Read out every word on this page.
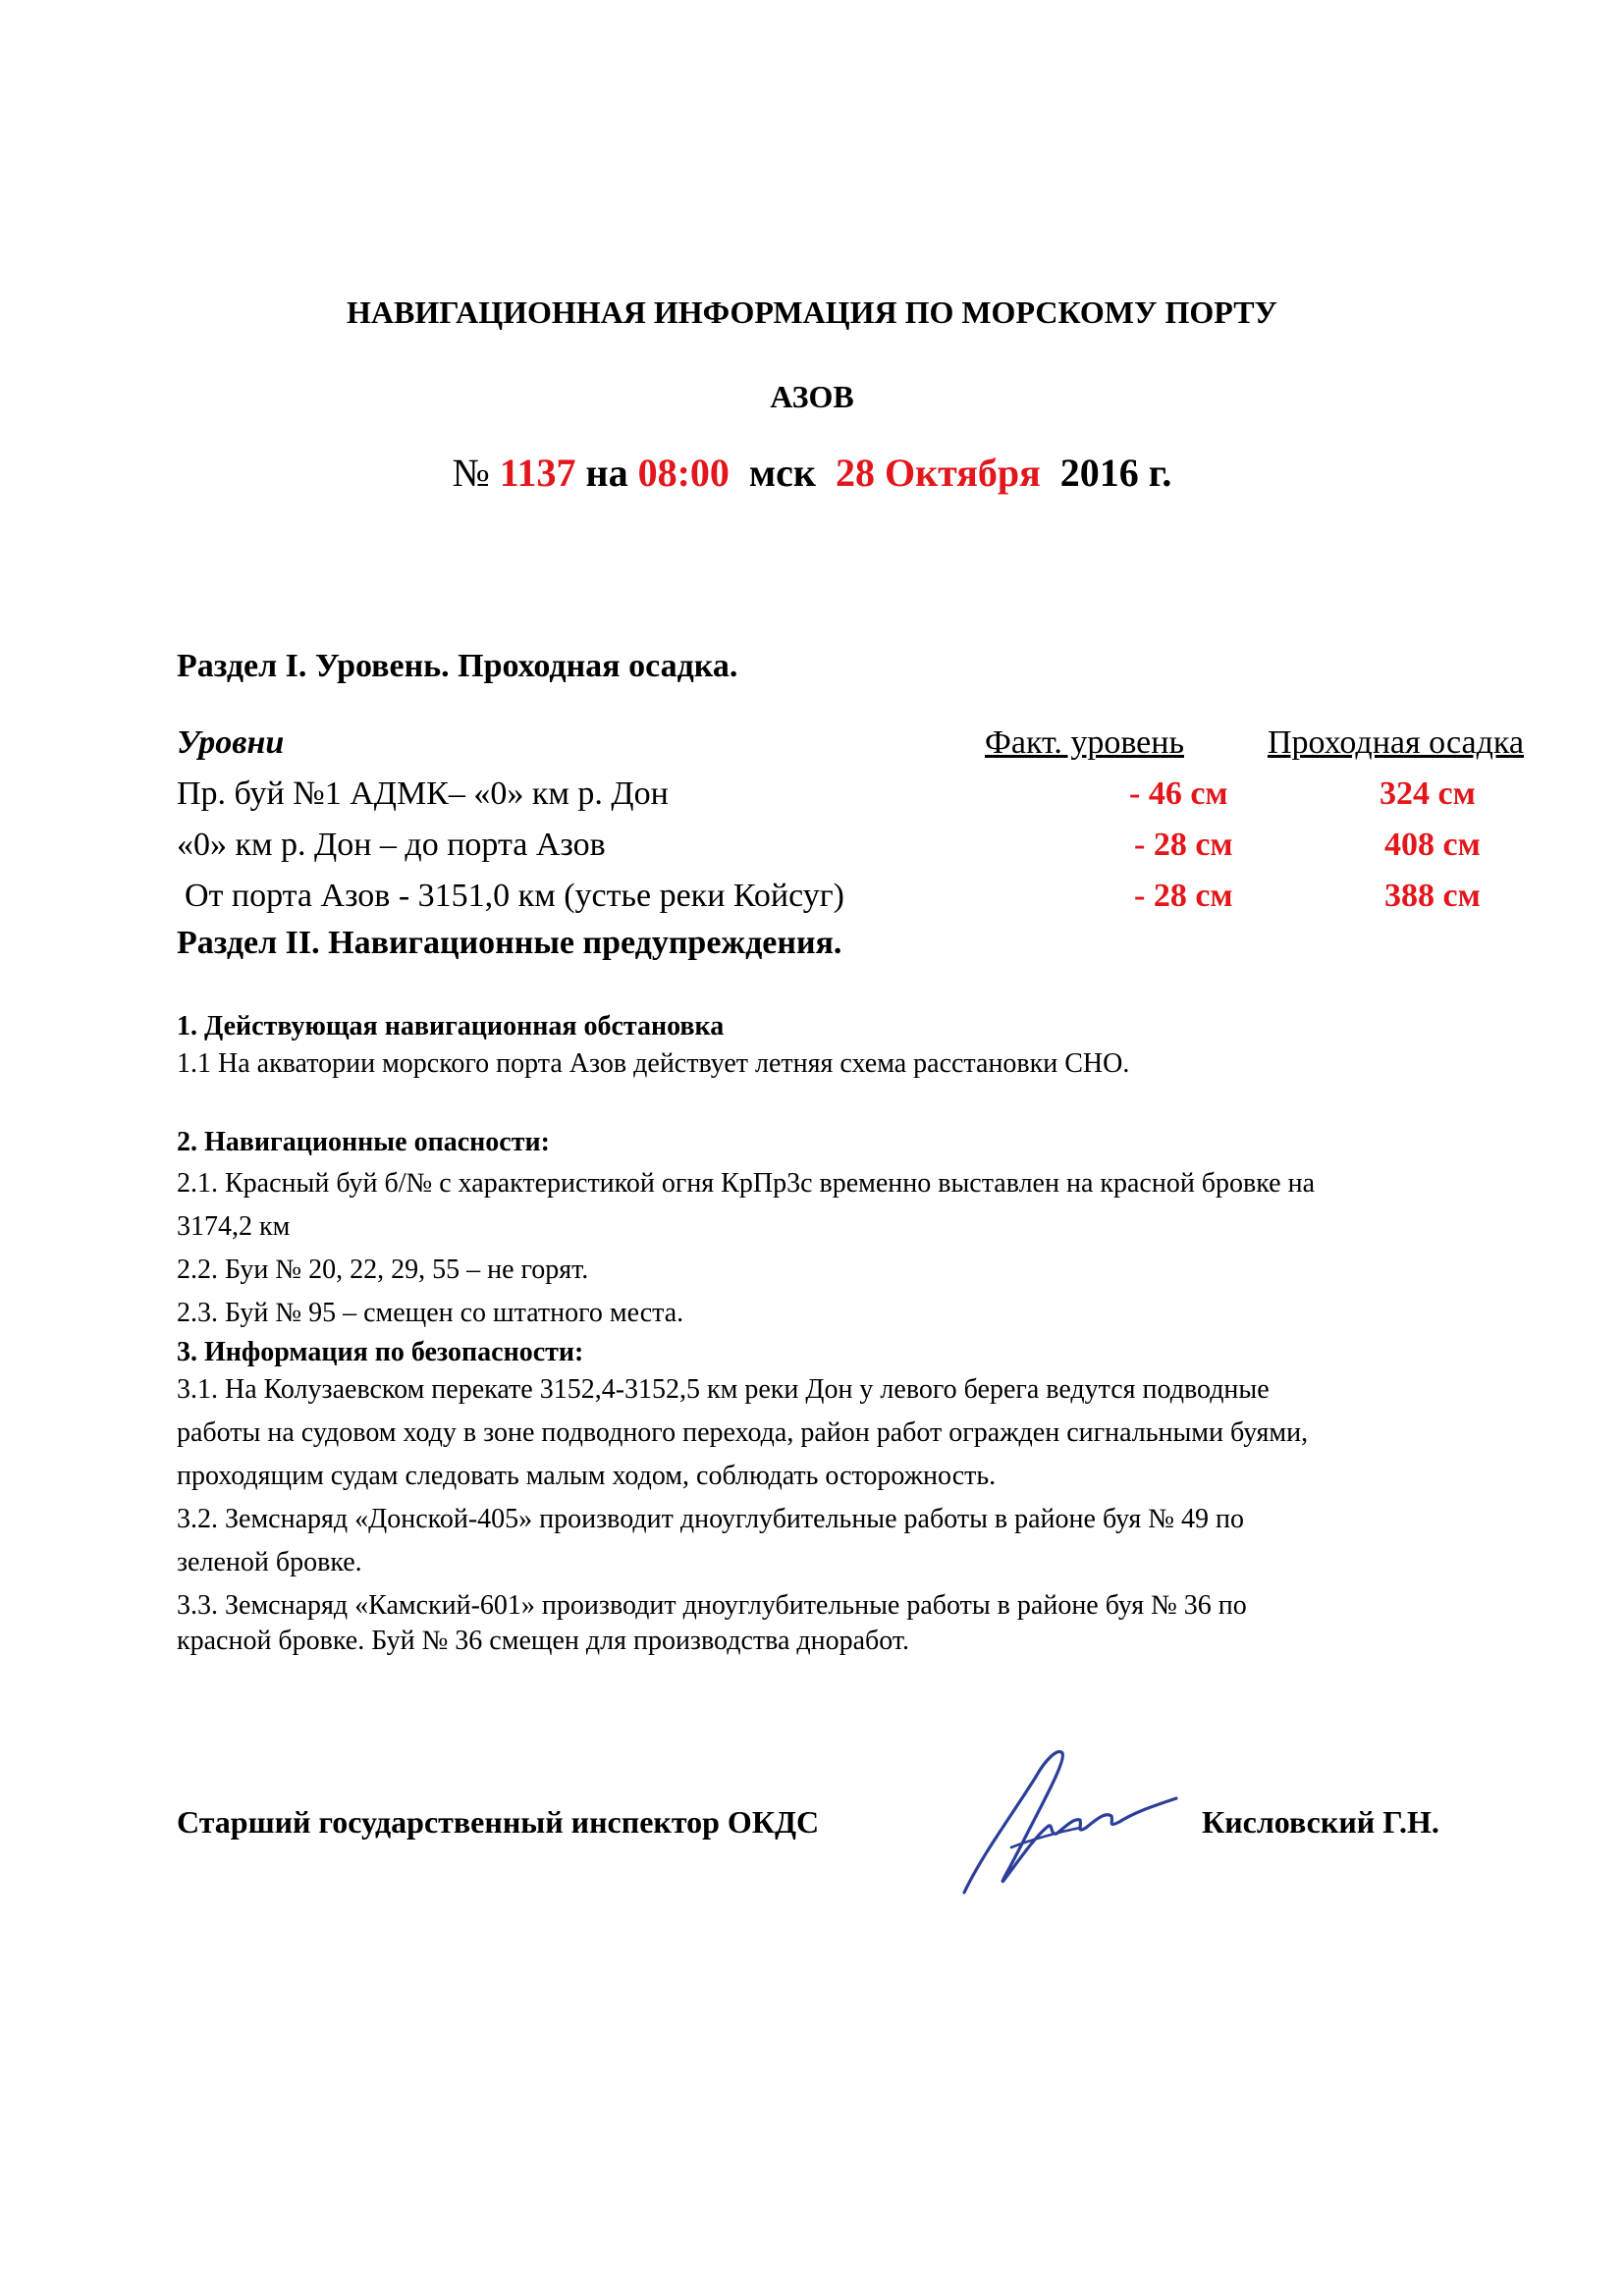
НАВИГАЦИОННАЯ ИНФОРМАЦИЯ ПО МОРСКОМУ ПОРТУ
АЗОВ
№ 1137 на 08:00 мск 28 Октября 2016 г.
Раздел I. Уровень. Проходная осадка.
Уровни	Факт. уровень	Проходная осадка
Пр. буй №1 АДМК– «0» км р. Дон	- 46 см	324 см
«0» км р. Дон – до порта Азов	- 28 см	408 см
От порта Азов - 3151,0 км (устье реки Койсуг)	- 28 см	388 см
Раздел II. Навигационные предупреждения.
1. Действующая навигационная обстановка
1.1 На акватории морского порта Азов действует летняя схема расстановки СНО.
2. Навигационные опасности:
2.1. Красный буй б/№ с характеристикой огня КрПр3с временно выставлен на красной бровке на
3174,2 км
2.2. Буи № 20, 22, 29, 55 – не горят.
2.3. Буй № 95 – смещен со штатного места.
3. Информация по безопасности:
3.1. На Колузаевском перекате 3152,4-3152,5 км реки Дон у левого берега ведутся подводные
работы на судовом ходу в зоне подводного перехода, район работ огражден сигнальными буями,
проходящим судам следовать малым ходом, соблюдать осторожность.
3.2. Земснаряд «Донской-405» производит дноуглубительные работы в районе буя № 49 по
зеленой бровке.
3.3. Земснаряд «Камский-601» производит дноуглубительные работы в районе буя № 36 по
красной бровке. Буй № 36 смещен для производства дноработ.
Старший государственный инспектор ОКДС	Кисловский Г.Н.
